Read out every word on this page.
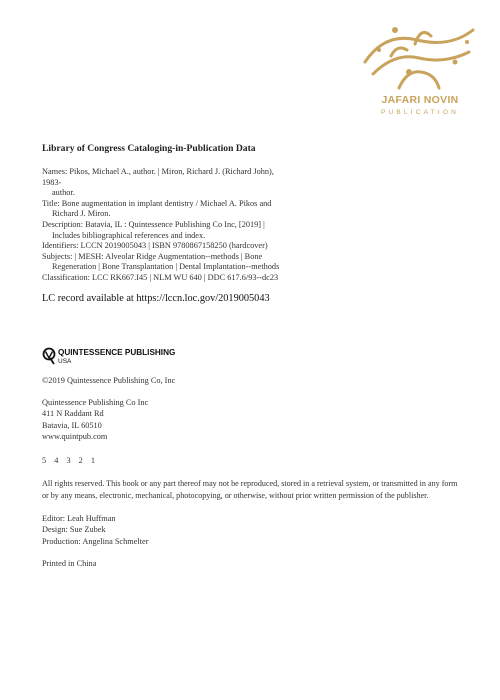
JAFARI NOVIN
PUBLICATION
Library of Congress Cataloging-in-Publication Data
Names: Pikos, Michael A., author. | Miron, Richard J. (Richard John),
1983-
author.
Title: Bone augmentation in implant dentistry / Michael A. Pikos and
Richard J. Miron.
Description: Batavia, IL : Quintessence Publishing Co Inc, [2019] |
Includes bibliographical references and index.
Identifiers: LCCN 2019005043 | ISBN 9780867158250 (hardcover)
Subjects: | MESH: Alveolar Ridge Augmentation--methods | Bone
Regeneration | Bone Transplantation | Dental Implantation--methods
Classification: LCC RK667.I45 | NLM WU 640 | DDC 617.6/93--dc23
LC record available at https://lccn.loc.gov/2019005043
QUINTESSENCE PUBLISHING
USA
©2019 Quintessence Publishing Co, Inc
Quintessence Publishing Co Inc
411 N Raddant Rd
Batavia, IL 60510
www.quintpub.com
5 4 3 2 1
All rights reserved. This book or any part thereof may not be reproduced, stored in a retrieval system, or transmitted in any form or by any means, electronic, mechanical, photocopying, or otherwise, without prior written permission of the publisher.
Editor: Leah Huffman
Design: Sue Zubek
Production: Angelina Schmelter
Printed in China
